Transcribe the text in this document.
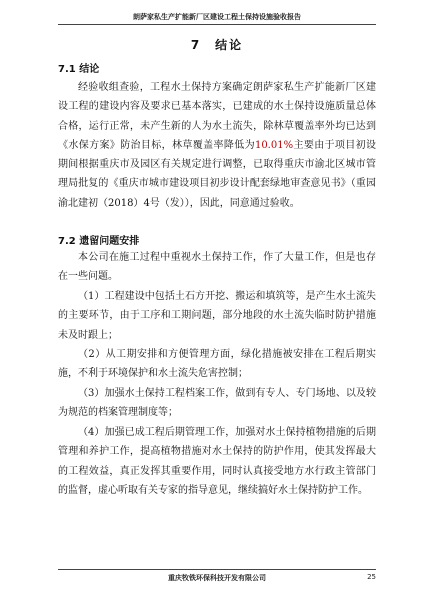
朗萨家私生产扩能新厂区建设工程土保持设施验收报告
7　结论
7.1 结论

经验收组查验，工程水土保持方案确定朗萨家私生产扩能新厂区建设工程的建设内容及要求已基本落实，已建成的水土保持设施质量总体合格，运行正常，未产生新的人为水土流失，除林草覆盖率外均已达到《水保方案》防治目标，林草覆盖率降低为10.01%主要由于项目初设期间根据重庆市及园区有关规定进行调整，已取得重庆市渝北区城市管理局批复的《重庆市城市建设项目初步设计配套绿地审查意见书》（重园渝北建初（2018）4号（发）），因此，同意通过验收。

7.2 遗留问题安排

本公司在施工过程中重视水土保持工作，作了大量工作，但是也存在一些问题。

（1）工程建设中包括土石方开挖、搬运和填筑等，是产生水土流失的主要环节，由于工序和工期问题，部分地段的水土流失临时防护措施未及时跟上；

（2）从工期安排和方便管理方面，绿化措施被安排在工程后期实施，不利于环境保护和水土流失危害控制；

（3）加强水土保持工程档案工作，做到有专人、专门场地、以及较为规范的档案管理制度等；

（4）加强已成工程后期管理工作，加强对水土保持植物措施的后期管理和养护工作，提高植物措施对水土保持的防护作用，使其发挥最大的工程效益，真正发挥其重要作用，同时认真接受地方水行政主管部门的监督，虚心听取有关专家的指导意见，继续搞好水土保持防护工作。

重庆牧铁环保科技开发有限公司	25
